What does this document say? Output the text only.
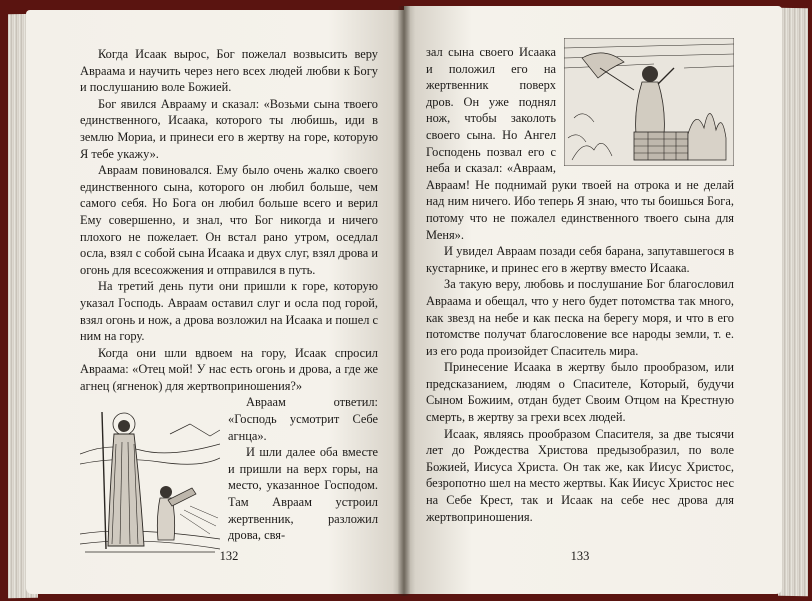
Когда Исаак вырос, Бог пожелал возвысить веру Авраама и научить через него всех людей любви к Богу и послушанию воле Божией.

Бог явился Аврааму и сказал: «Возьми сына твоего единственного, Исаака, которого ты любишь, иди в землю Мориа, и принеси его в жертву на горе, которую Я тебе укажу».

Авраам повиновался. Ему было очень жалко своего единственного сына, которого он любил больше, чем самого себя. Но Бога он любил больше всего и верил Ему совершенно, и знал, что Бог никогда и ничего плохого не пожелает. Он встал рано утром, оседлал осла, взял с собой сына Исаака и двух слуг, взял дрова и огонь для всесожжения и отправился в путь.

На третий день пути они пришли к горе, которую указал Господь. Авраам оставил слуг и осла под горой, взял огонь и нож, а дрова возложил на Исаака и пошел с ним на гору.

Когда они шли вдвоем на гору, Исаак спросил Авраама: «Отец мой! У нас есть огонь и дрова, а где же агнец (ягненок) для жертвоприношения?»

Авраам ответил: «Господь усмотрит Себе агнца».

И шли далее оба вместе и пришли на верх горы, на место, указанное Господом. Там Авраам устроил жертвенник, разложил дрова, свя-

132

зал сына своего Исаака и положил его на жертвенник поверх дров. Он уже поднял нож, чтобы заколоть своего сына. Но Ангел Господень позвал его с неба и сказал: «Авраам, Авраам! Не поднимай руки твоей на отрока и не делай над ним ничего. Ибо теперь Я знаю, что ты боишься Бога, потому что не пожалел единственного твоего сына для Меня».

И увидел Авраам позади себя барана, запутавшегося в кустарнике, и принес его в жертву вместо Исаака.

За такую веру, любовь и послушание Бог благословил Авраама и обещал, что у него будет потомства так много, как звезд на небе и как песка на берегу моря, и что в его потомстве получат благословение все народы земли, т. е. из его рода произойдет Спаситель мира.

Принесение Исаака в жертву было прообразом, или предсказанием, людям о Спасителе, Который, будучи Сыном Божиим, отдан будет Своим Отцом на Крестную смерть, в жертву за грехи всех людей.

Исаак, являясь прообразом Спасителя, за две тысячи лет до Рождества Христова предызобразил, по воле Божией, Иисуса Христа. Он так же, как Иисус Христос, безропотно шел на место жертвы. Как Иисус Христос нес на Себе Крест, так и Исаак на себе нес дрова для жертвоприношения.

133
